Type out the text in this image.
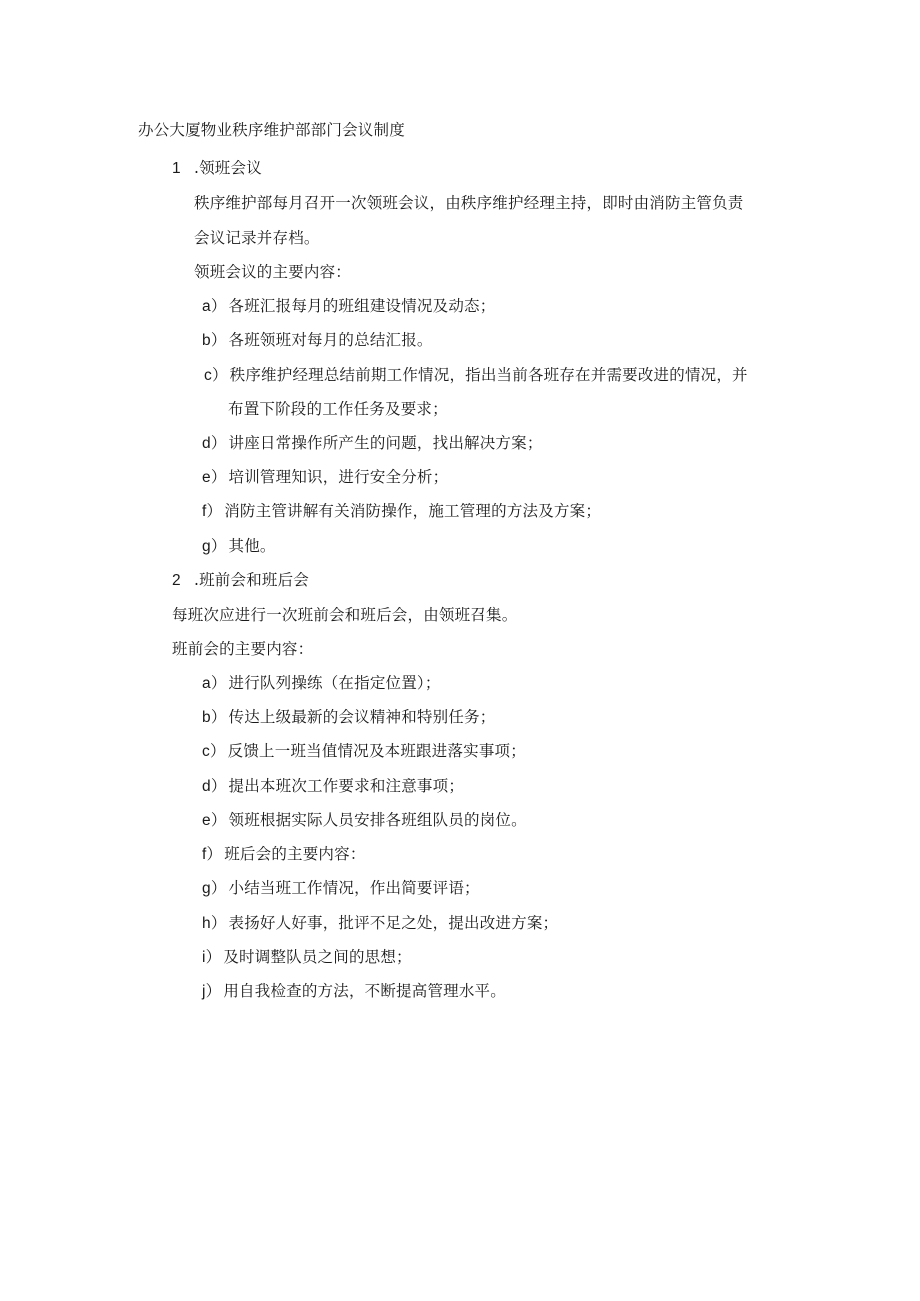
办公大厦物业秩序维护部部门会议制度
1 .领班会议
秩序维护部每月召开一次领班会议，由秩序维护经理主持，即时由消防主管负责
会议记录并存档。
领班会议的主要内容：
a） 各班汇报每月的班组建设情况及动态；
b） 各班领班对每月的总结汇报。
c） 秩序维护经理总结前期工作情况，指出当前各班存在并需要改进的情况，并
布置下阶段的工作任务及要求；
d） 讲座日常操作所产生的问题，找出解决方案；
e） 培训管理知识，进行安全分析；
f） 消防主管讲解有关消防操作，施工管理的方法及方案；
g） 其他。
2 .班前会和班后会
每班次应进行一次班前会和班后会，由领班召集。
班前会的主要内容：
a） 进行队列操练（在指定位置）；
b） 传达上级最新的会议精神和特别任务；
c） 反馈上一班当值情况及本班跟进落实事项；
d） 提出本班次工作要求和注意事项；
e） 领班根据实际人员安排各班组队员的岗位。
f） 班后会的主要内容：
g） 小结当班工作情况，作出简要评语；
h） 表扬好人好事，批评不足之处，提出改进方案；
i） 及时调整队员之间的思想；
j） 用自我检查的方法，不断提高管理水平。
